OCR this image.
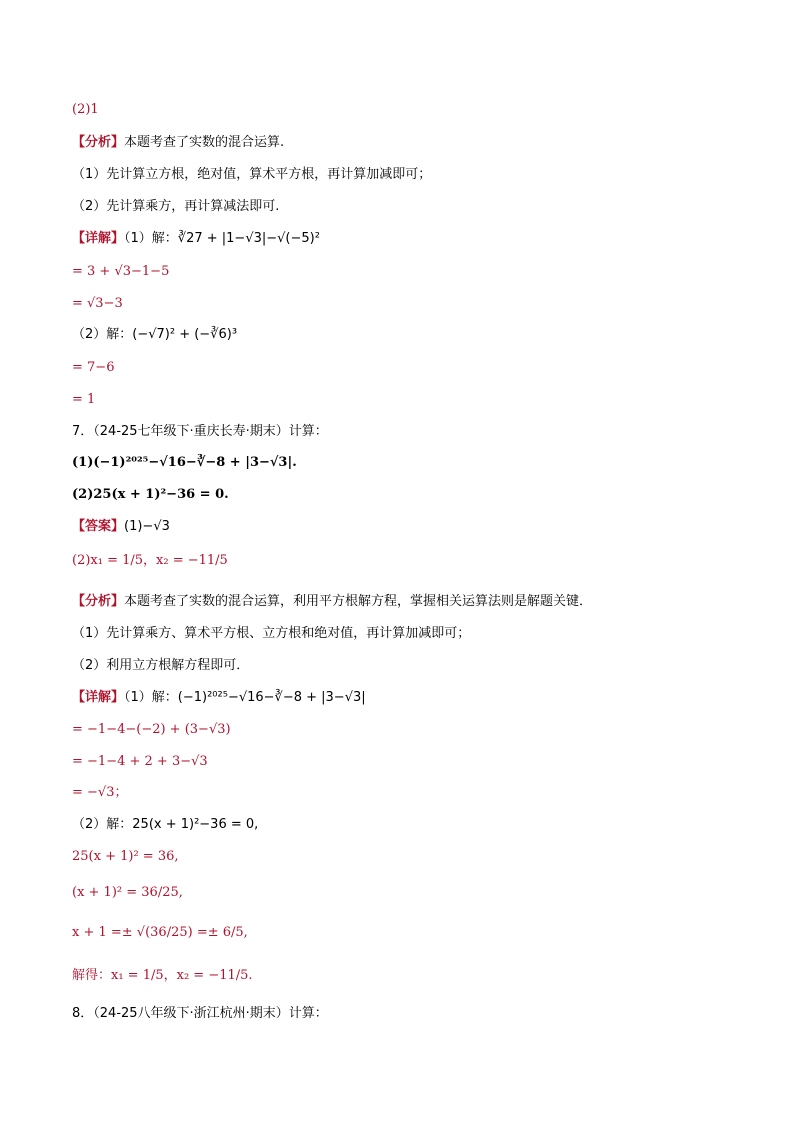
(2)1
【分析】本题考查了实数的混合运算.
（1）先计算立方根，绝对值，算术平方根，再计算加减即可；
（2）先计算乘方，再计算减法即可.
【详解】（1）解：∛27 + |1−√3|−√(−5)²
= 3 + √3−1−5
= √3−3
（2）解：(−√7)² + (−∛6)³
= 7−6
= 1
7．（24-25七年级下·重庆长寿·期末）计算：
(1)(−1)²⁰²⁵−√16−∛−8 + |3−√3|.
(2)25(x + 1)²−36 = 0.
【答案】(1)−√3
(2)x₁ = 1/5，x₂ = −11/5
【分析】本题考查了实数的混合运算，利用平方根解方程，掌握相关运算法则是解题关键．
（1）先计算乘方、算术平方根、立方根和绝对值，再计算加减即可；
（2）利用立方根解方程即可．
【详解】（1）解：(−1)²⁰²⁵−√16−∛−8 + |3−√3|
= −1−4−(−2) + (3−√3)
= −1−4 + 2 + 3−√3
= −√3；
（2）解：25(x + 1)²−36 = 0,
25(x + 1)² = 36,
(x + 1)² = 36/25,
x + 1 =± √(36/25) =± 6/5,
解得：x₁ = 1/5，x₂ = −11/5.
8．（24-25八年级下·浙江杭州·期末）计算：
